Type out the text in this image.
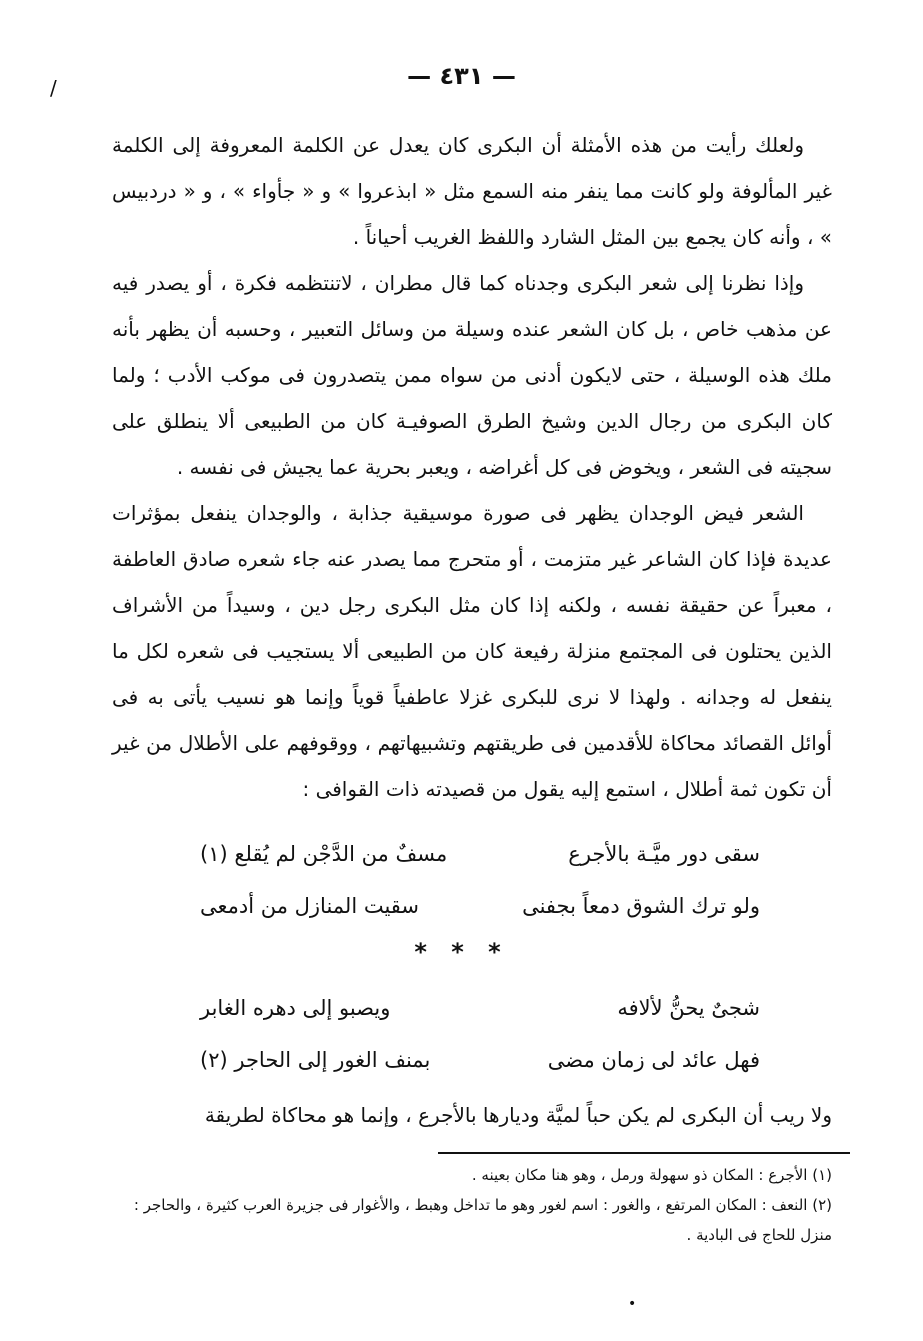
/	— ٤٣١ —

ولعلك رأيت من هذه الأمثلة أن البكرى كان يعدل عن الكلمة المعروفة إلى الكلمة غير المألوفة ولو كانت مما ينفر منه السمع مثل « ابذعروا » و « جأواء » ، و « دردبيس » ، وأنه كان يجمع بين المثل الشارد واللفظ الغريب أحياناً .

وإذا نظرنا إلى شعر البكرى وجدناه كما قال مطران ، لاتنتظمه فكرة ، أو يصدر فيه عن مذهب خاص ، بل كان الشعر عنده وسيلة من وسائل التعبير ، وحسبه أن يظهر بأنه ملك هذه الوسيلة ، حتى لايكون أدنى من سواه ممن يتصدرون فى موكب الأدب ؛ ولما كان البكرى من رجال الدين وشيخ الطرق الصوفيـة كان من الطبيعى ألا ينطلق على سجيته فى الشعر ، ويخوض فى كل أغراضه ، ويعبر بحرية عما يجيش فى نفسه .

الشعر فيض الوجدان يظهر فى صورة موسيقية جذابة ، والوجدان ينفعل بمؤثرات عديدة فإذا كان الشاعر غير متزمت ، أو متحرج مما يصدر عنه جاء شعره صادق العاطفة ، معبراً عن حقيقة نفسه ، ولكنه إذا كان مثل البكرى رجل دين ، وسيداً من الأشراف الذين يحتلون فى المجتمع منزلة رفيعة كان من الطبيعى ألا يستجيب فى شعره لكل ما ينفعل له وجدانه . ولهذا لا نرى للبكرى غزلا عاطفياً قوياً وإنما هو نسيب يأتى به فى أوائل القصائد محاكاة للأقدمين فى طريقتهم وتشبيهاتهم ، ووقوفهم على الأطلال من غير أن تكون ثمة أطلال ، استمع إليه يقول من قصيدته ذات القوافى :

سقى دور ميَّـة بالأجرع
مسفٌ من الدَّجْن لم يُقلع (١)
ولو ترك الشوق دمعاً بجفنى
سقيت المنازل من أدمعى
* * *
شجىٌ يحنُّ لألافه
ويصبو إلى دهره الغابر
فهل عائد لى زمان مضى
بمنف الغور إلى الحاجر (٢)
ولا ريب أن البكرى لم يكن حباً لميَّة وديارها بالأجرع ، وإنما هو محاكاة لطريقة

(١) الأجرع : المكان ذو سهولة ورمل ، وهو هنا مكان بعينه .

(٢) النعف : المكان المرتفع ، والغور : اسم لغور وهو ما تداخل وهبط ، والأغوار فى جزيرة العرب كثيرة ، والحاجر : منزل للحاج فى البادية .

•
